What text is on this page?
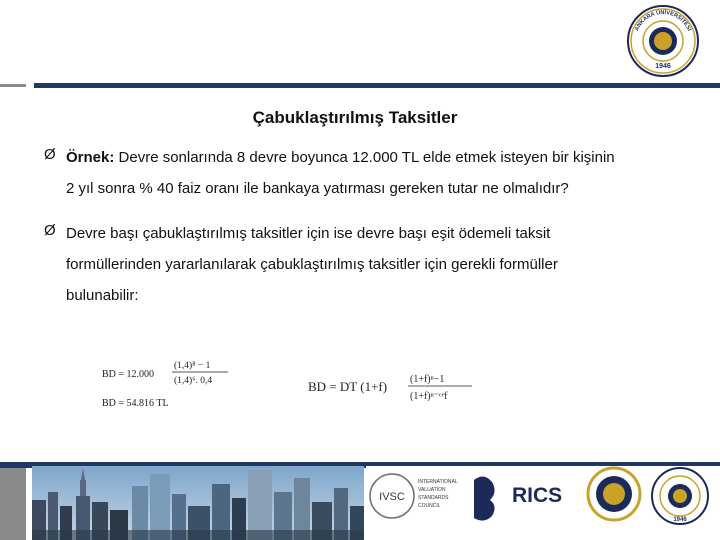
1946
ANKARA ÜNİVERSİTESİ
Çabuklaştırılmış Taksitler
Ø Örnek: Devre sonlarında 8 devre boyunca 12.000 TL elde etmek isteyen bir kişinin
2 yıl sonra % 40 faiz oranı ile bankaya yatırması gereken tutar ne olmalıdır?
Ø Devre başı çabuklaştırılmış taksitler için ise devre başı eşit ödemeli taksit
formüllerinden yararlanılarak çabuklaştırılmış taksitler için gerekli formüller
bulunabilir:
BD = 12.000
(1,4)⁸ − 1
(1,4)⁶. 0,4
BD = 54.816 TL
BD = DT (1+f) (1+f)ⁿ−1
(1+f)ⁿ⁻ᶜᵉf
IVSC
INTERNATIONAL
VALUATION
STANDARDS
COUNCIL	RICS
1946
